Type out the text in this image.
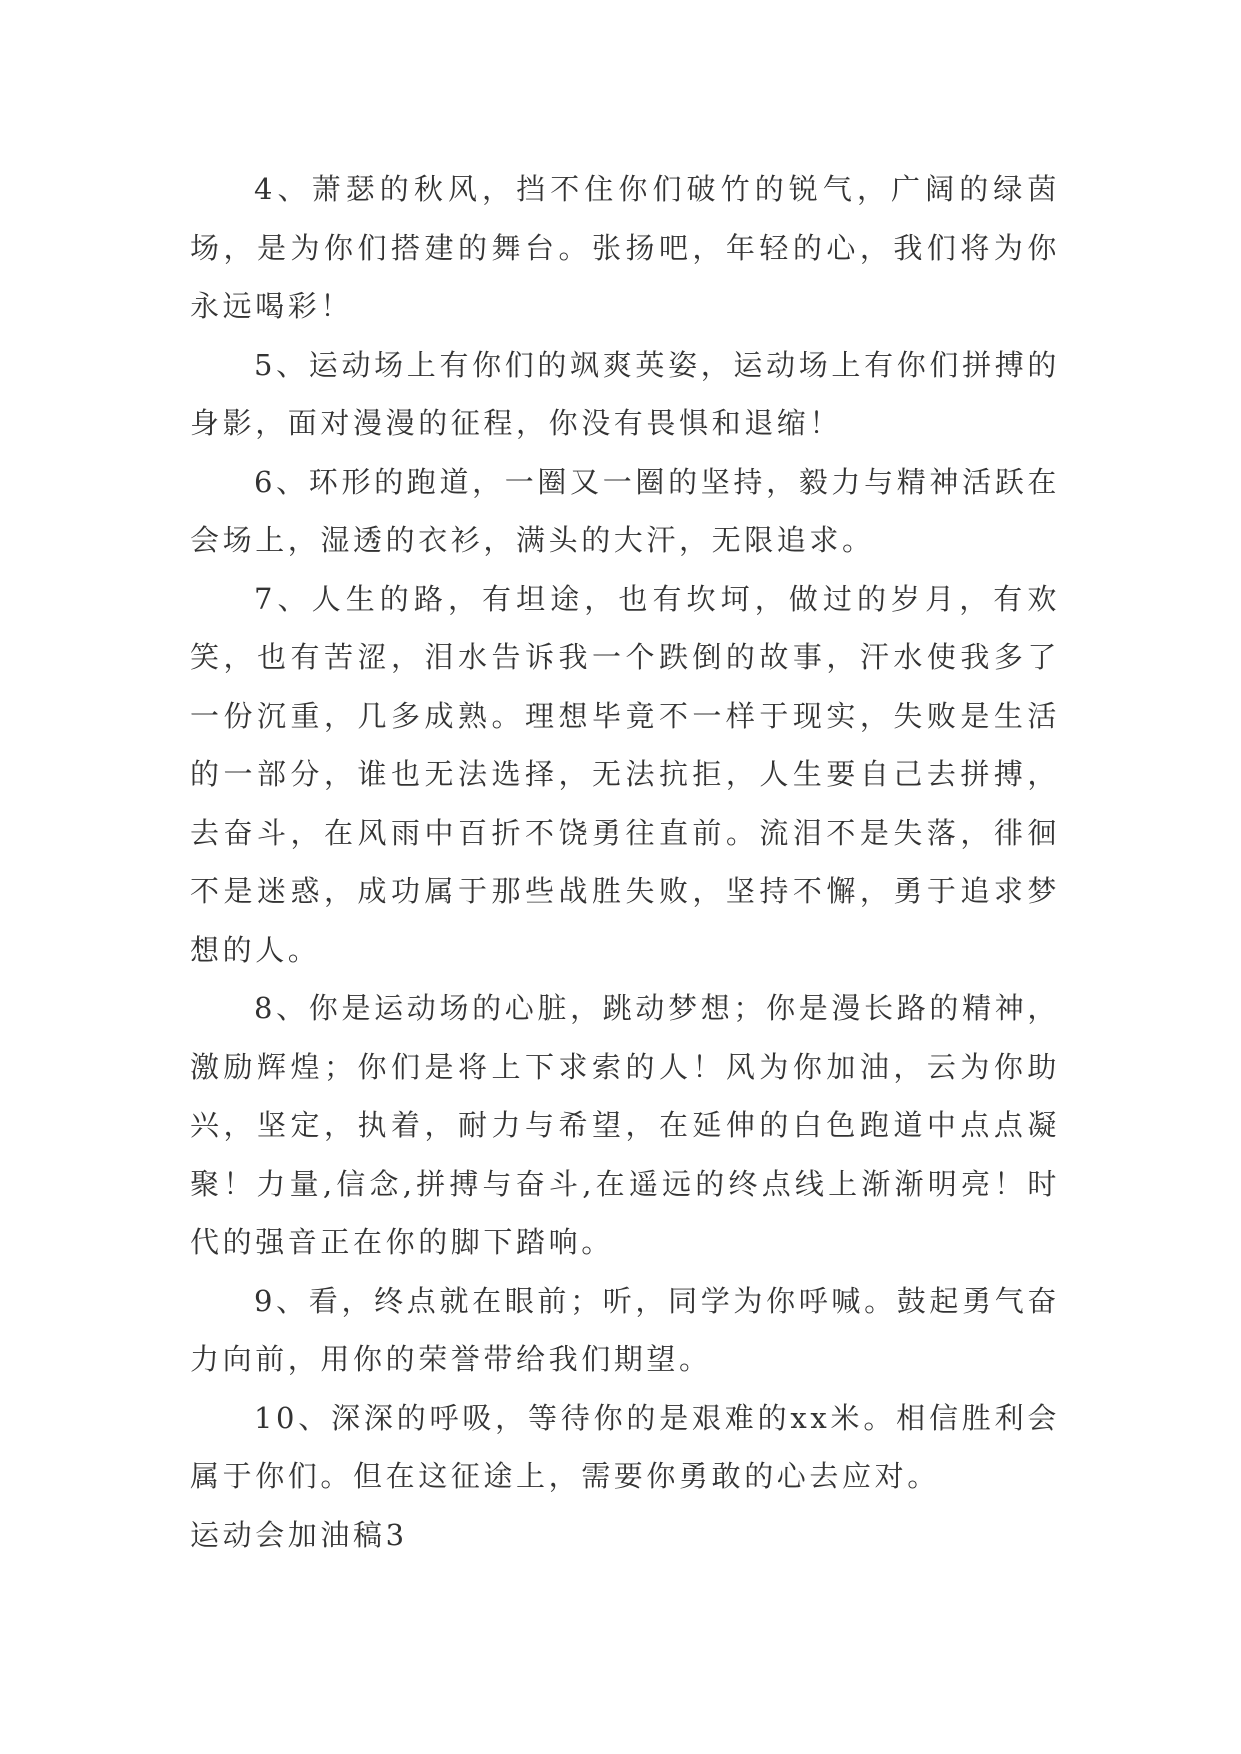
4、萧瑟的秋风，挡不住你们破竹的锐气，广阔的绿茵场，是为你们搭建的舞台。张扬吧，年轻的心，我们将为你永远喝彩！

5、运动场上有你们的飒爽英姿，运动场上有你们拼搏的身影，面对漫漫的征程，你没有畏惧和退缩！

6、环形的跑道，一圈又一圈的坚持，毅力与精神活跃在会场上，湿透的衣衫，满头的大汗，无限追求。

7、人生的路，有坦途，也有坎坷，做过的岁月，有欢笑，也有苦涩，泪水告诉我一个跌倒的故事，汗水使我多了一份沉重，几多成熟。理想毕竟不一样于现实，失败是生活的一部分，谁也无法选择，无法抗拒，人生要自己去拼搏，去奋斗，在风雨中百折不饶勇往直前。流泪不是失落，徘徊不是迷惑，成功属于那些战胜失败，坚持不懈，勇于追求梦想的人。

8、你是运动场的心脏，跳动梦想；你是漫长路的精神，激励辉煌；你们是将上下求索的人！风为你加油，云为你助兴，坚定，执着，耐力与希望，在延伸的白色跑道中点点凝聚！力量,信念,拼搏与奋斗,在遥远的终点线上渐渐明亮！时代的强音正在你的脚下踏响。

9、看，终点就在眼前；听，同学为你呼喊。鼓起勇气奋力向前，用你的荣誉带给我们期望。

10、深深的呼吸，等待你的是艰难的xx米。相信胜利会属于你们。但在这征途上，需要你勇敢的心去应对。

运动会加油稿3
